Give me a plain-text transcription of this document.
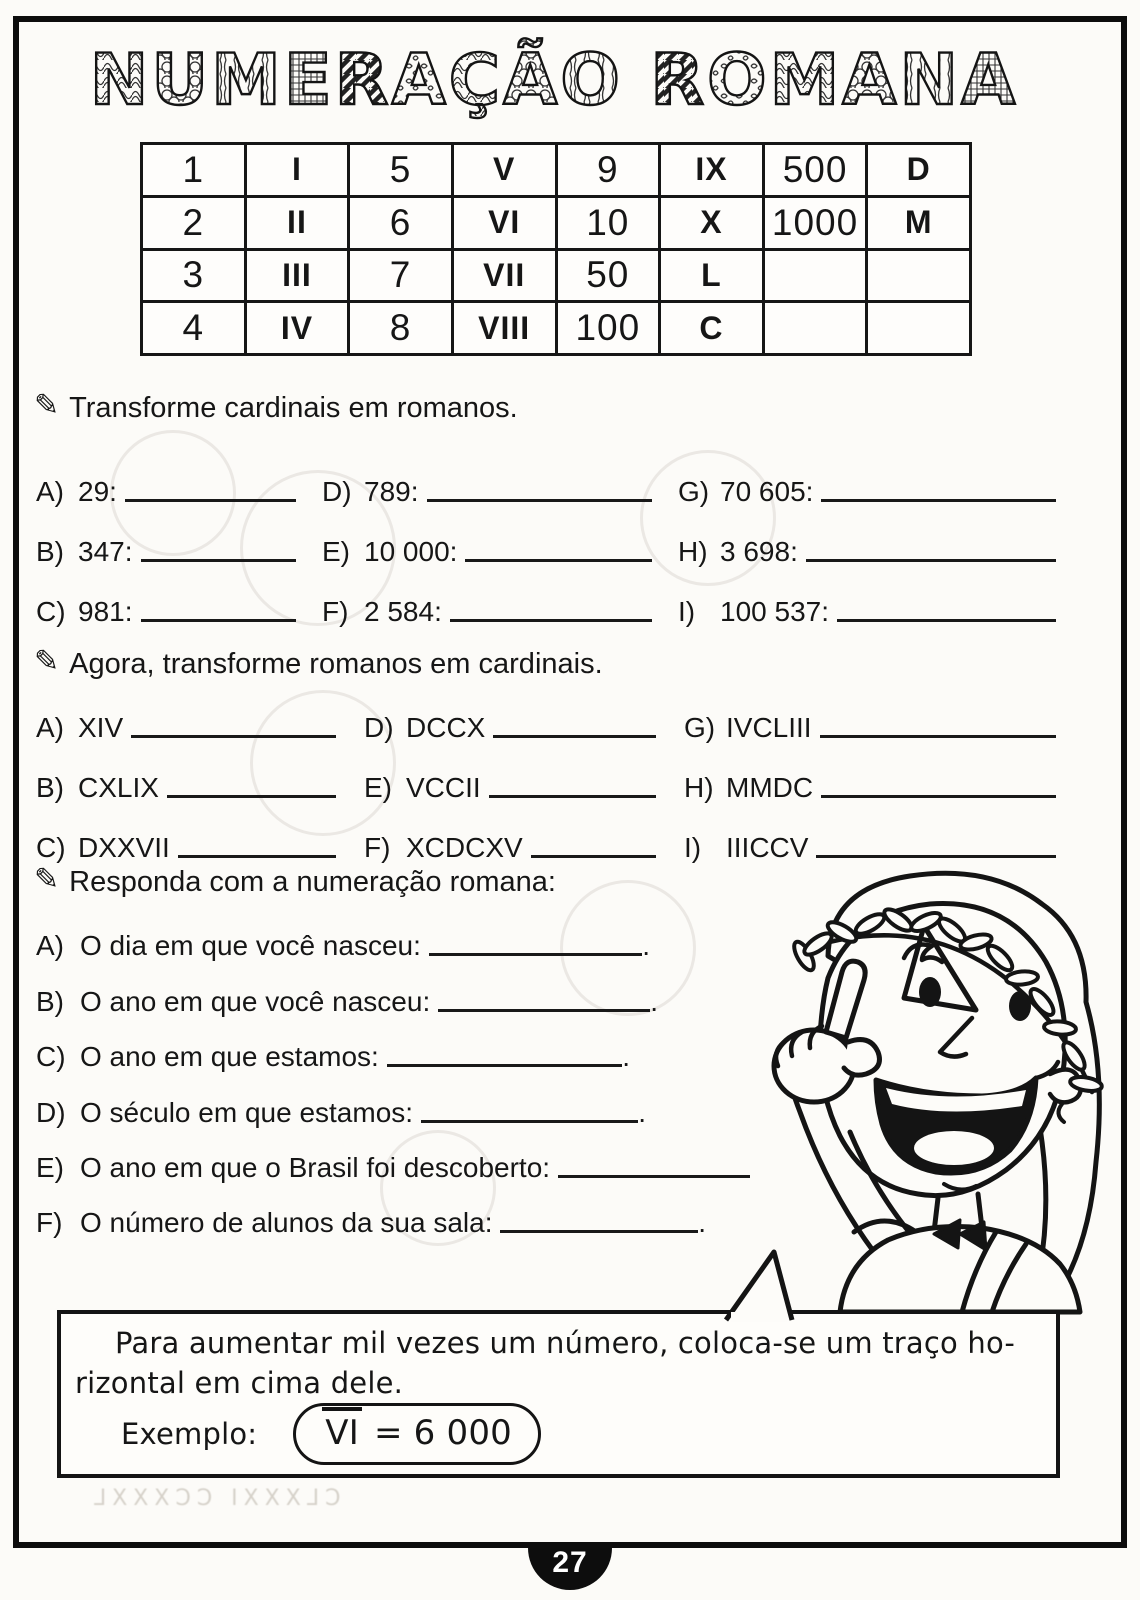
CLXXXI CCXXXL
NUMERAÇÃO ROMANA
1	I	5	V	9	IX	500	D
2	II	6	VI	10	X	1000	M
3	III	7	VII	50	L		
4	IV	8	VIII	100	C		
✎ Transforme cardinais em romanos.
A) 29:
B) 347:
C) 981:
D) 789:
E) 10 000:
F) 2 584:
G) 70 605:
H) 3 698:
I) 100 537:
✎ Agora, transforme romanos em cardinais.
A) XIV
B) CXLIX
C) DXXVII
D) DCCX
E) VCCII
F) XCDCXV
G) IVCLIII
H) MMDC
I) IIICCV
✎ Responda com a numeração romana:
A) O dia em que você nasceu:	.
B) O ano em que você nasceu:	.
C) O ano em que estamos:	.
D) O século em que estamos:	.
E) O ano em que o Brasil foi descoberto:
F) O número de alunos da sua sala:	.
Para aumentar mil vezes um número, coloca-se um traço ho-
rizontal em cima dele.
Exemplo: VI = 6 000
27
